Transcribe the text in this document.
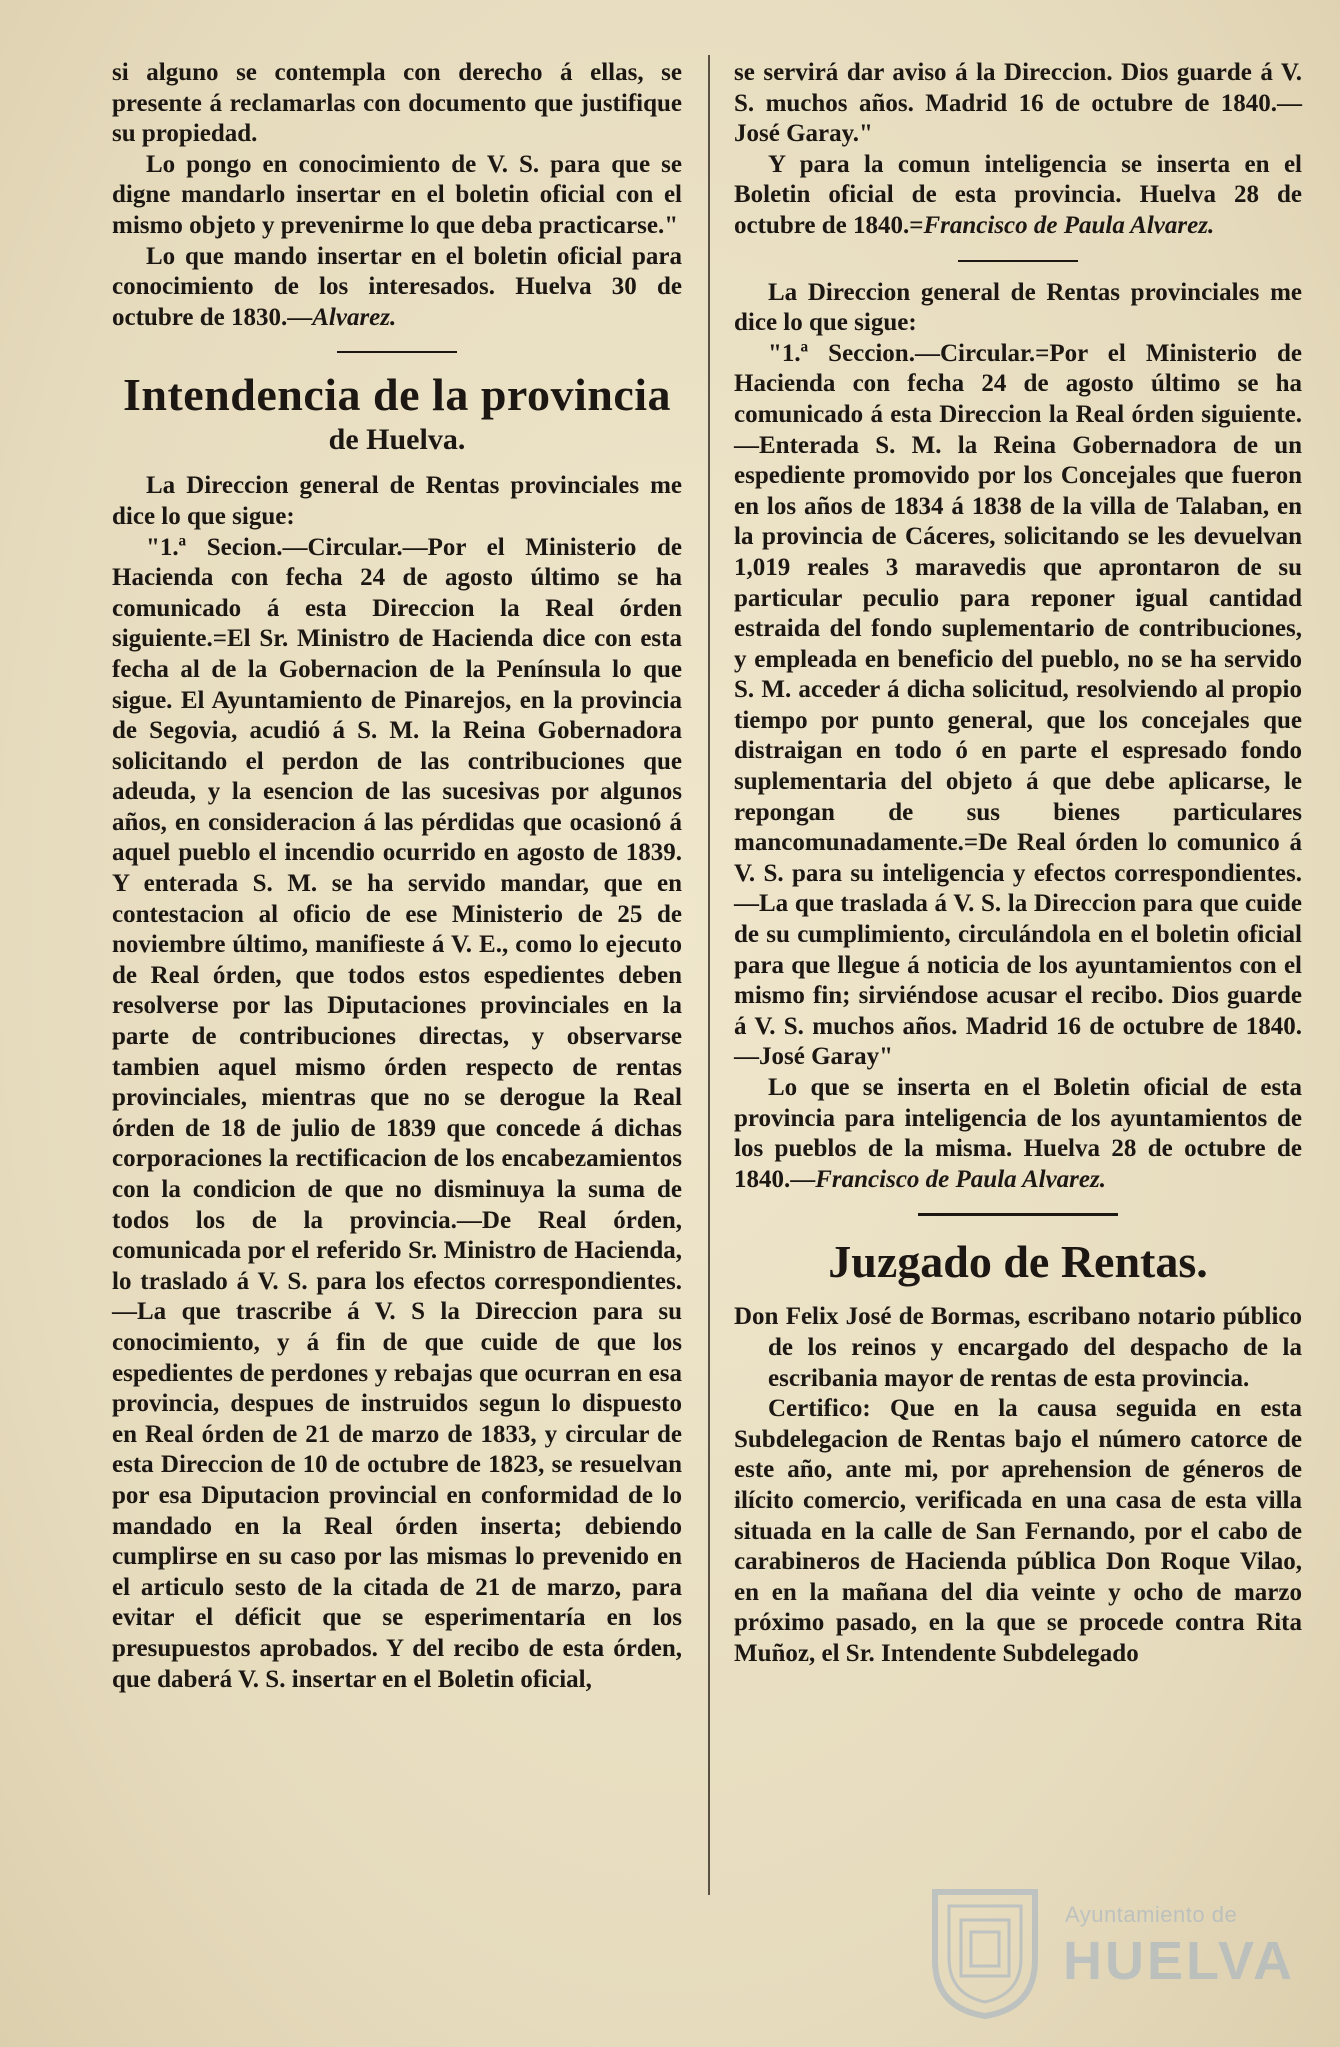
si alguno se contempla con derecho á ellas, se presente á reclamarlas con documento que justifique su propiedad.

Lo pongo en conocimiento de V. S. para que se digne mandarlo insertar en el boletin oficial con el mismo objeto y prevenirme lo que deba practicarse."

Lo que mando insertar en el boletin oficial para conocimiento de los interesados. Huelva 30 de octubre de 1830.—Alvarez.

Intendencia de la provincia
de Huelva.

La Direccion general de Rentas provinciales me dice lo que sigue:

"1.ª Secion.—Circular.—Por el Ministerio de Hacienda con fecha 24 de agosto último se ha comunicado á esta Direccion la Real órden siguiente.=El Sr. Ministro de Hacienda dice con esta fecha al de la Gobernacion de la Península lo que sigue. El Ayuntamiento de Pinarejos, en la provincia de Segovia, acudió á S. M. la Reina Gobernadora solicitando el perdon de las contribuciones que adeuda, y la esencion de las sucesivas por algunos años, en consideracion á las pérdidas que ocasionó á aquel pueblo el incendio ocurrido en agosto de 1839. Y enterada S. M. se ha servido mandar, que en contestacion al oficio de ese Ministerio de 25 de noviembre último, manifieste á V. E., como lo ejecuto de Real órden, que todos estos espedientes deben resolverse por las Diputaciones provinciales en la parte de contribuciones directas, y observarse tambien aquel mismo órden respecto de rentas provinciales, mientras que no se derogue la Real órden de 18 de julio de 1839 que concede á dichas corporaciones la rectificacion de los encabezamientos con la condicion de que no disminuya la suma de todos los de la provincia.—De Real órden, comunicada por el referido Sr. Ministro de Hacienda, lo traslado á V. S. para los efectos correspondientes.—La que trascribe á V. S la Direccion para su conocimiento, y á fin de que cuide de que los espedientes de perdones y rebajas que ocurran en esa provincia, despues de instruidos segun lo dispuesto en Real órden de 21 de marzo de 1833, y circular de esta Direccion de 10 de octubre de 1823, se resuelvan por esa Diputacion provincial en conformidad de lo mandado en la Real órden inserta; debiendo cumplirse en su caso por las mismas lo prevenido en el articulo sesto de la citada de 21 de marzo, para evitar el déficit que se esperimentaría en los presupuestos aprobados. Y del recibo de esta órden, que daberá V. S. insertar en el Boletin oficial,

se servirá dar aviso á la Direccion. Dios guarde á V. S. muchos años. Madrid 16 de octubre de 1840.—José Garay."

Y para la comun inteligencia se inserta en el Boletin oficial de esta provincia. Huelva 28 de octubre de 1840.=Francisco de Paula Alvarez.

La Direccion general de Rentas provinciales me dice lo que sigue:

"1.ª Seccion.—Circular.=Por el Ministerio de Hacienda con fecha 24 de agosto último se ha comunicado á esta Direccion la Real órden siguiente.—Enterada S. M. la Reina Gobernadora de un espediente promovido por los Concejales que fueron en los años de 1834 á 1838 de la villa de Talaban, en la provincia de Cáceres, solicitando se les devuelvan 1,019 reales 3 maravedis que aprontaron de su particular peculio para reponer igual cantidad estraida del fondo suplementario de contribuciones, y empleada en beneficio del pueblo, no se ha servido S. M. acceder á dicha solicitud, resolviendo al propio tiempo por punto general, que los concejales que distraigan en todo ó en parte el espresado fondo suplementaria del objeto á que debe aplicarse, le repongan de sus bienes particulares mancomunadamente.=De Real órden lo comunico á V. S. para su inteligencia y efectos correspondientes.—La que traslada á V. S. la Direccion para que cuide de su cumplimiento, circulándola en el boletin oficial para que llegue á noticia de los ayuntamientos con el mismo fin; sirviéndose acusar el recibo. Dios guarde á V. S. muchos años. Madrid 16 de octubre de 1840.—José Garay"

Lo que se inserta en el Boletin oficial de esta provincia para inteligencia de los ayuntamientos de los pueblos de la misma. Huelva 28 de octubre de 1840.—Francisco de Paula Alvarez.

Juzgado de Rentas.

Don Felix José de Bormas, escribano notario público de los reinos y encargado del despacho de la escribania mayor de rentas de esta provincia.

Certifico: Que en la causa seguida en esta Subdelegacion de Rentas bajo el número catorce de este año, ante mi, por aprehension de géneros de ilícito comercio, verificada en una casa de esta villa situada en la calle de San Fernando, por el cabo de carabineros de Hacienda pública Don Roque Vilao, en en la mañana del dia veinte y ocho de marzo próximo pasado, en la que se procede contra Rita Muñoz, el Sr. Intendente Subdelegado

Ayuntamiento de
HUELVA
